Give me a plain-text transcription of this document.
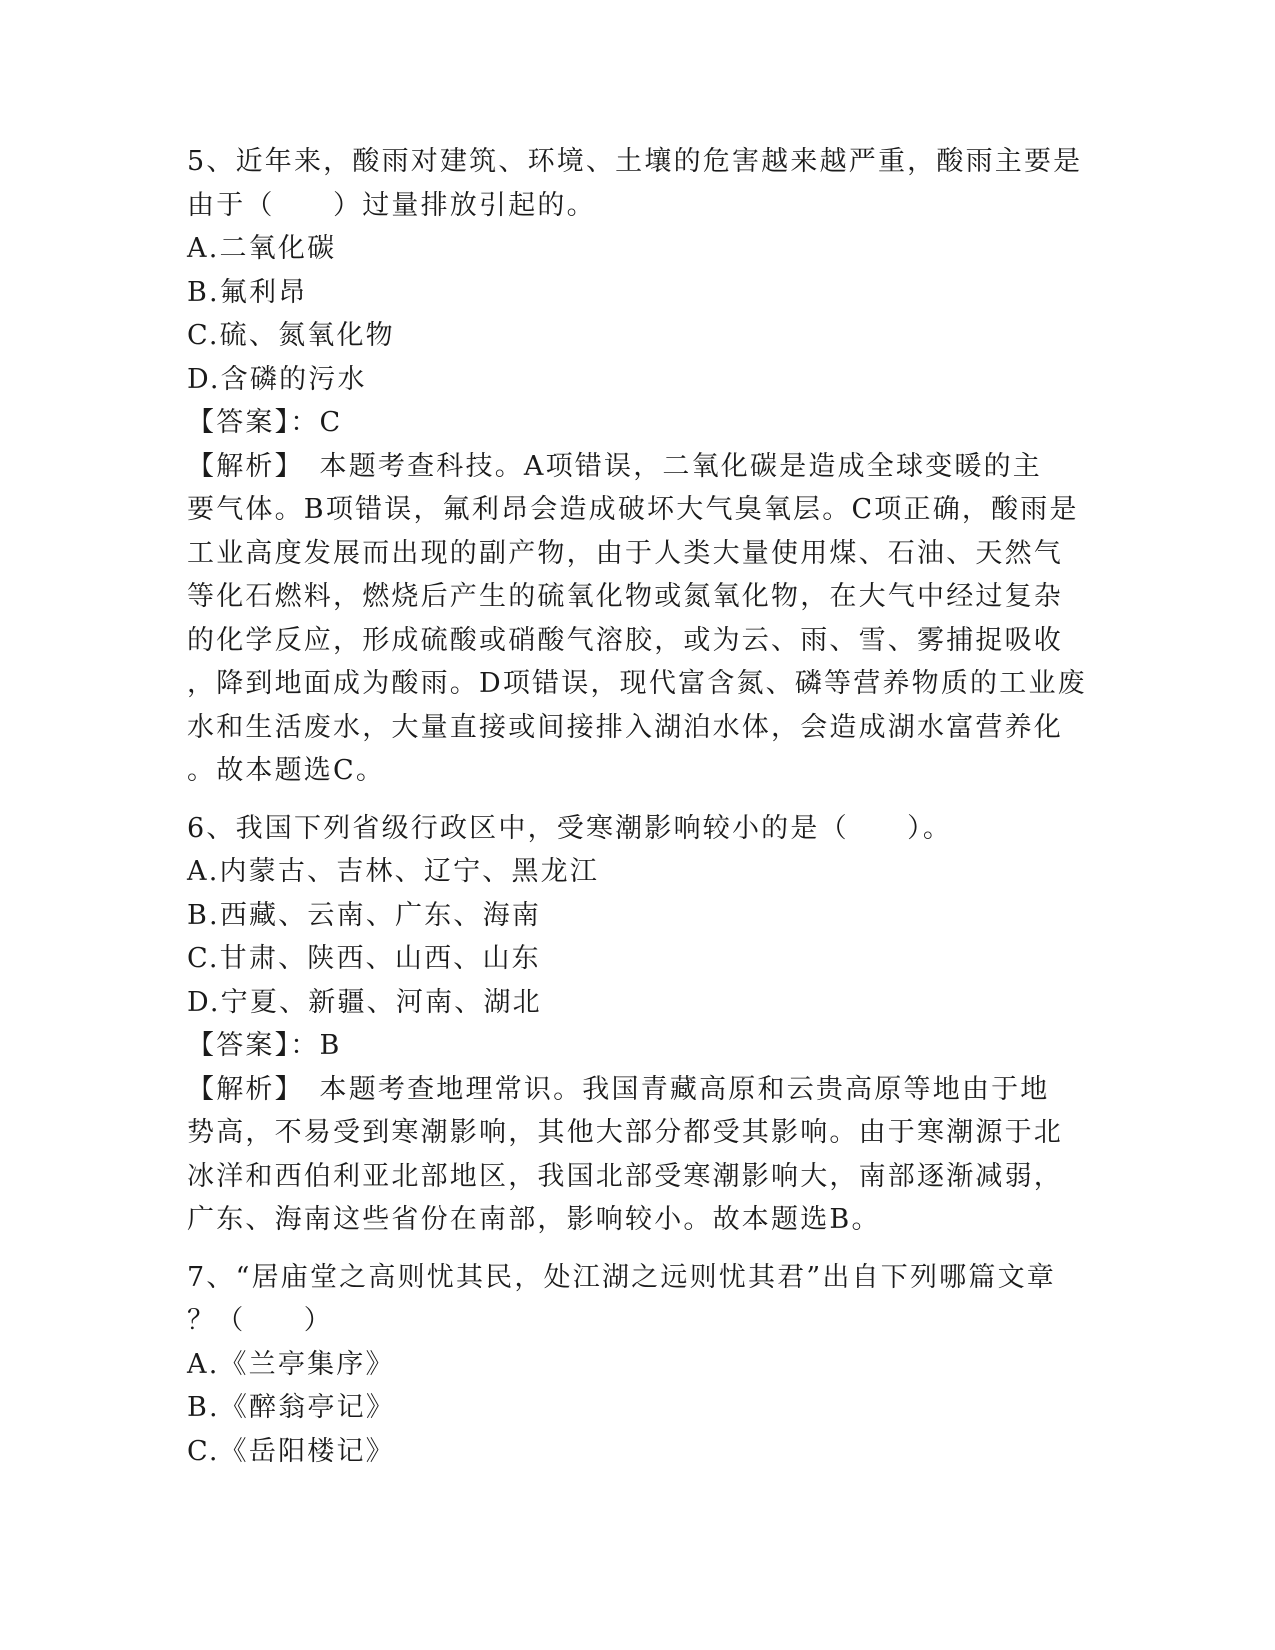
5、近年来，酸雨对建筑、环境、土壤的危害越来越严重，酸雨主要是
由于（　　）过量排放引起的。
A.二氧化碳
B.氟利昂
C.硫、氮氧化物
D.含磷的污水
【答案】：C
【解析】　本题考查科技。A项错误，二氧化碳是造成全球变暖的主
要气体。B项错误，氟利昂会造成破坏大气臭氧层。C项正确，酸雨是
工业高度发展而出现的副产物，由于人类大量使用煤、石油、天然气
等化石燃料，燃烧后产生的硫氧化物或氮氧化物，在大气中经过复杂
的化学反应，形成硫酸或硝酸气溶胶，或为云、雨、雪、雾捕捉吸收
，降到地面成为酸雨。D项错误，现代富含氮、磷等营养物质的工业废
水和生活废水，大量直接或间接排入湖泊水体，会造成湖水富营养化
。故本题选C。
6、我国下列省级行政区中，受寒潮影响较小的是（　　）。
A.内蒙古、吉林、辽宁、黑龙江
B.西藏、云南、广东、海南
C.甘肃、陕西、山西、山东
D.宁夏、新疆、河南、湖北
【答案】：B
【解析】　本题考查地理常识。我国青藏高原和云贵高原等地由于地
势高，不易受到寒潮影响，其他大部分都受其影响。由于寒潮源于北
冰洋和西伯利亚北部地区，我国北部受寒潮影响大，南部逐渐减弱，
广东、海南这些省份在南部，影响较小。故本题选B。
7、“居庙堂之高则忧其民，处江湖之远则忧其君”出自下列哪篇文章
？（　　）
A.《兰亭集序》
B.《醉翁亭记》
C.《岳阳楼记》
